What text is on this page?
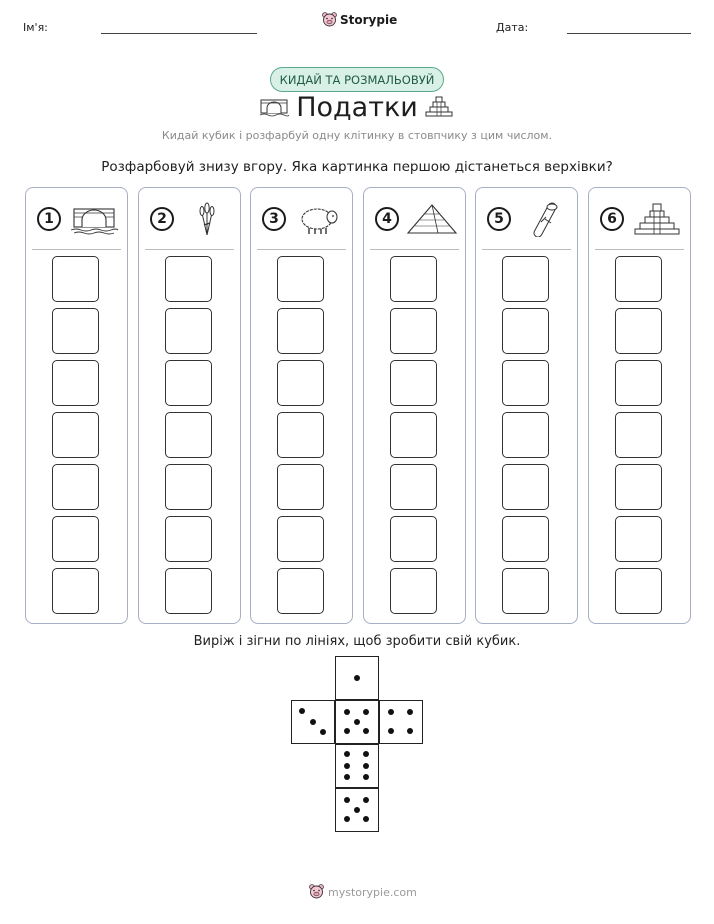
Ім'я:
Storypie
Дата:
КИДАЙ ТА РОЗМАЛЬОВУЙ
Податки
Кидай кубик і розфарбуй одну клітинку в стовпчику з цим числом.
Розфарбовуй знизу вгору. Яка картинка першою дістанеться верхівки?
1	2	3	4	5	6
Виріж і зігни по лініях, щоб зробити свій кубик.
mystorypie.com
